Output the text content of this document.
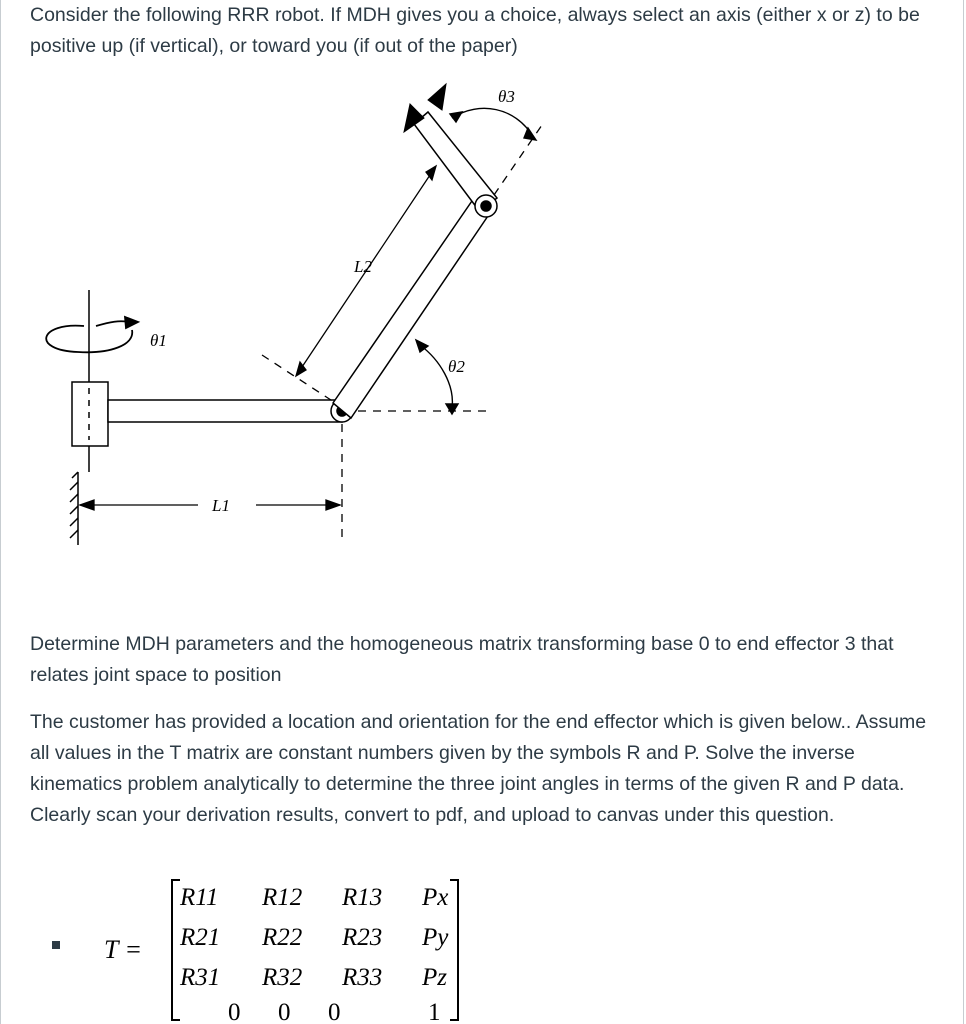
Consider the following RRR robot. If MDH gives you a choice, always select an axis (either x or z) to be positive up (if vertical), or toward you (if out of the paper)

θ1
θ3
θ2
L2
L1

Determine MDH parameters and the homogeneous matrix transforming base 0 to end effector 3 that relates joint space to position

The customer has provided a location and orientation for the end effector which is given below.. Assume all values in the T matrix are constant numbers given by the symbols R and P. Solve the inverse kinematics problem analytically to determine the three joint angles in terms of the given R and P data. Clearly scan your derivation results, convert to pdf, and upload to canvas under this question.

T =
R11 R12 R13 Px
R21 R22 R23 Py
R31 R32 R33 Pz
0 0 0	1
